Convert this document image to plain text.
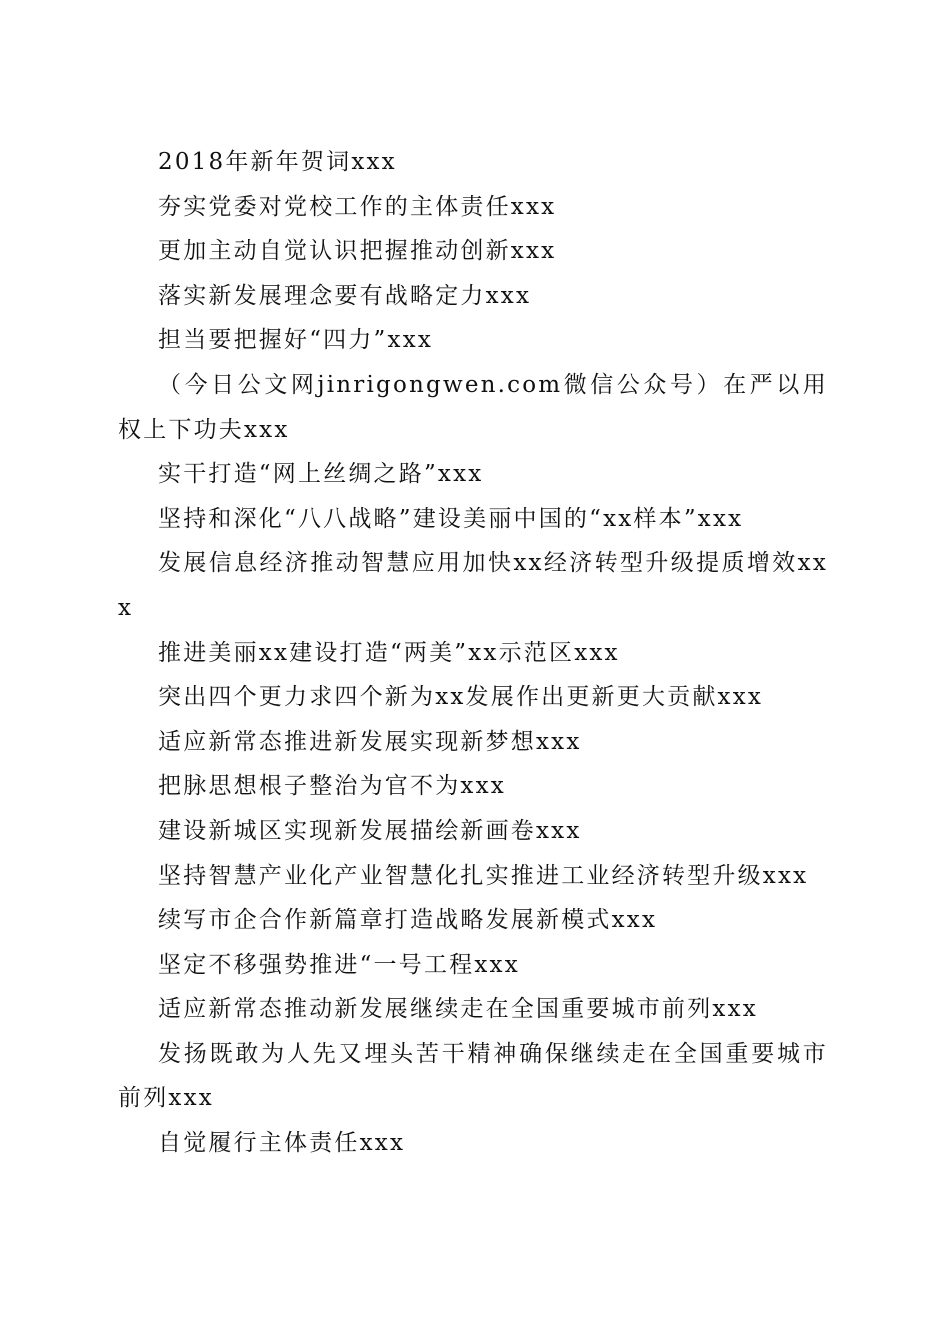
2018年新年贺词xxx

夯实党委对党校工作的主体责任xxx

更加主动自觉认识把握推动创新xxx

落实新发展理念要有战略定力xxx

担当要把握好“四力”xxx

（今日公文网jinrigongwen.com微信公众号）在严以用权上下功夫xxx

实干打造“网上丝绸之路”xxx

坚持和深化“八八战略”建设美丽中国的“xx样本”xxx

发展信息经济推动智慧应用加快xx经济转型升级提质增效xxx

推进美丽xx建设打造“两美”xx示范区xxx

突出四个更力求四个新为xx发展作出更新更大贡献xxx

适应新常态推进新发展实现新梦想xxx

把脉思想根子整治为官不为xxx

建设新城区实现新发展描绘新画卷xxx

坚持智慧产业化产业智慧化扎实推进工业经济转型升级xxx

续写市企合作新篇章打造战略发展新模式xxx

坚定不移强势推进“一号工程xxx

适应新常态推动新发展继续走在全国重要城市前列xxx

发扬既敢为人先又埋头苦干精神确保继续走在全国重要城市前列xxx

自觉履行主体责任xxx
